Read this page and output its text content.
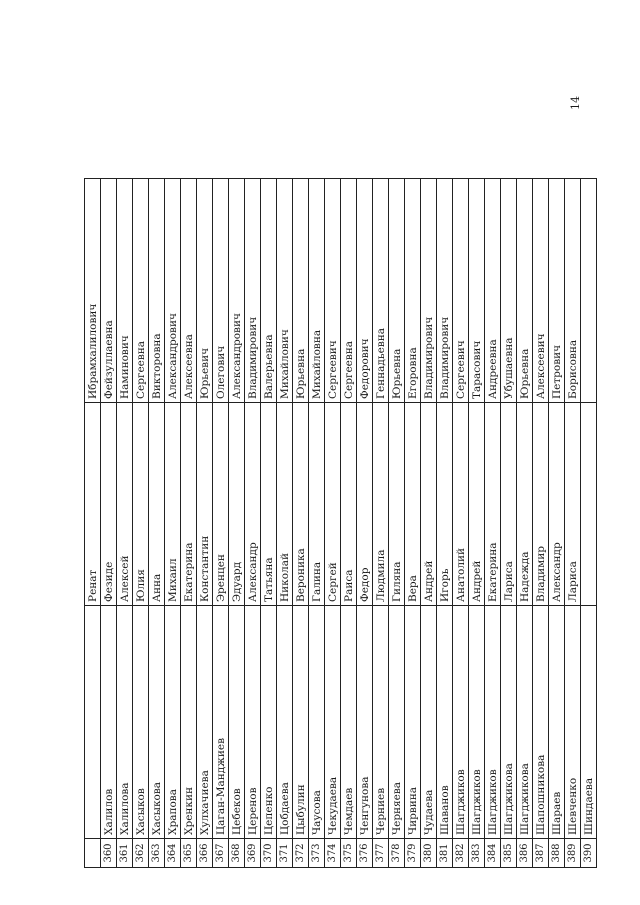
14
		Ренат	Ибрамхалилович
360	Халилов	Фезиде	Фейзуллаевна
361	Халилова	Алексей	Наминович
362	Хасыков	Юлия	Сергеевна
363	Хасыкова	Анна	Викторовна
364	Храпова	Михаил	Александрович
365	Хренкин	Екатерина	Алексеевна
366	Хулхачиева	Константин	Юрьевич
367	Цаган-Манджиев	Эренцен	Олегович
368	Цебеков	Эдуард	Александрович
369	Церенов	Александр	Владимирович
370	Цепенко	Татьяна	Валерьевна
371	Цобдаева	Николай	Михайлович
372	Цыбулин	Вероника	Юрьевна
373	Чаусова	Галина	Михайловна
374	Чекудаева	Сергей	Сергеевич
375	Чемдаев	Раиса	Сергеевна
376	Ченгунова	Федор	Федорович
377	Черниев	Людмила	Геннадьевна
378	Черняева	Гиляна	Юрьевна
379	Чирвина	Вера	Егоровна
380	Чудаева	Андрей	Владимирович
381	Шаванов	Игорь	Владимирович
382	Шагджиков	Анатолий	Сергеевич
383	Шагджиков	Андрей	Тарасович
384	Шагджиков	Екатерина	Андреевна
385	Шагджикова	Лариса	Убушаевна
386	Шагджикова	Надежда	Юрьевна
387	Шапошникова	Владимир	Алексеевич
388	Шараев	Александр	Петрович
389	Шевченко	Лариса	Борисовна
390	Шиндаева		
